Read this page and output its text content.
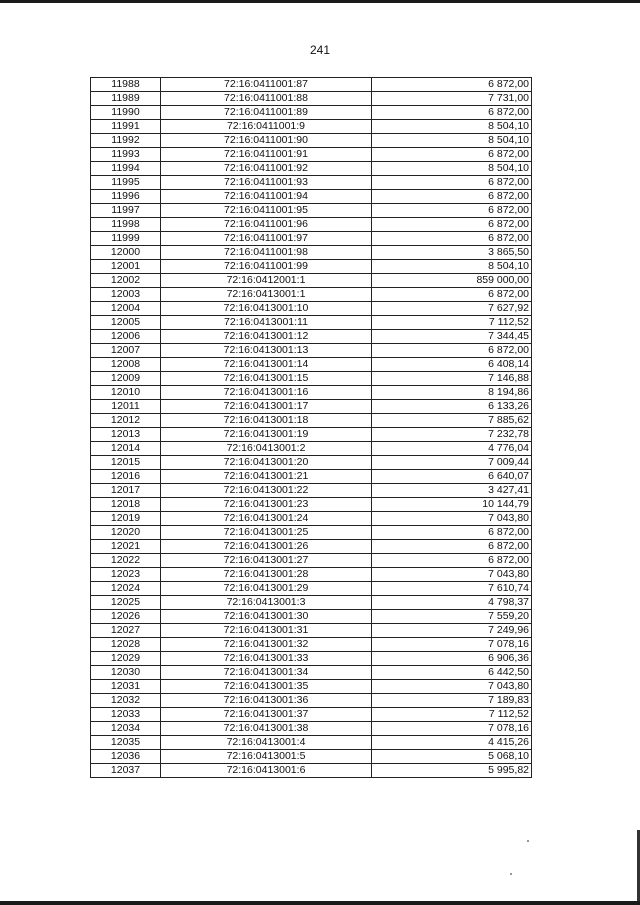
241
11988	72:16:0411001:87	6 872,00
11989	72:16:0411001:88	7 731,00
11990	72:16:0411001:89	6 872,00
11991	72:16:0411001:9	8 504,10
11992	72:16:0411001:90	8 504,10
11993	72:16:0411001:91	6 872,00
11994	72:16:0411001:92	8 504,10
11995	72:16:0411001:93	6 872,00
11996	72:16:0411001:94	6 872,00
11997	72:16:0411001:95	6 872,00
11998	72:16:0411001:96	6 872,00
11999	72:16:0411001:97	6 872,00
12000	72:16:0411001:98	3 865,50
12001	72:16:0411001:99	8 504,10
12002	72:16:0412001:1	859 000,00
12003	72:16:0413001:1	6 872,00
12004	72:16:0413001:10	7 627,92
12005	72:16:0413001:11	7 112,52
12006	72:16:0413001:12	7 344,45
12007	72:16:0413001:13	6 872,00
12008	72:16:0413001:14	6 408,14
12009	72:16:0413001:15	7 146,88
12010	72:16:0413001:16	8 194,86
12011	72:16:0413001:17	6 133,26
12012	72:16:0413001:18	7 885,62
12013	72:16:0413001:19	7 232,78
12014	72:16:0413001:2	4 776,04
12015	72:16:0413001:20	7 009,44
12016	72:16:0413001:21	6 640,07
12017	72:16:0413001:22	3 427,41
12018	72:16:0413001:23	10 144,79
12019	72:16:0413001:24	7 043,80
12020	72:16:0413001:25	6 872,00
12021	72:16:0413001:26	6 872,00
12022	72:16:0413001:27	6 872,00
12023	72:16:0413001:28	7 043,80
12024	72:16:0413001:29	7 610,74
12025	72:16:0413001:3	4 798,37
12026	72:16:0413001:30	7 559,20
12027	72:16:0413001:31	7 249,96
12028	72:16:0413001:32	7 078,16
12029	72:16:0413001:33	6 906,36
12030	72:16:0413001:34	6 442,50
12031	72:16:0413001:35	7 043,80
12032	72:16:0413001:36	7 189,83
12033	72:16:0413001:37	7 112,52
12034	72:16:0413001:38	7 078,16
12035	72:16:0413001:4	4 415,26
12036	72:16:0413001:5	5 068,10
12037	72:16:0413001:6	5 995,82
